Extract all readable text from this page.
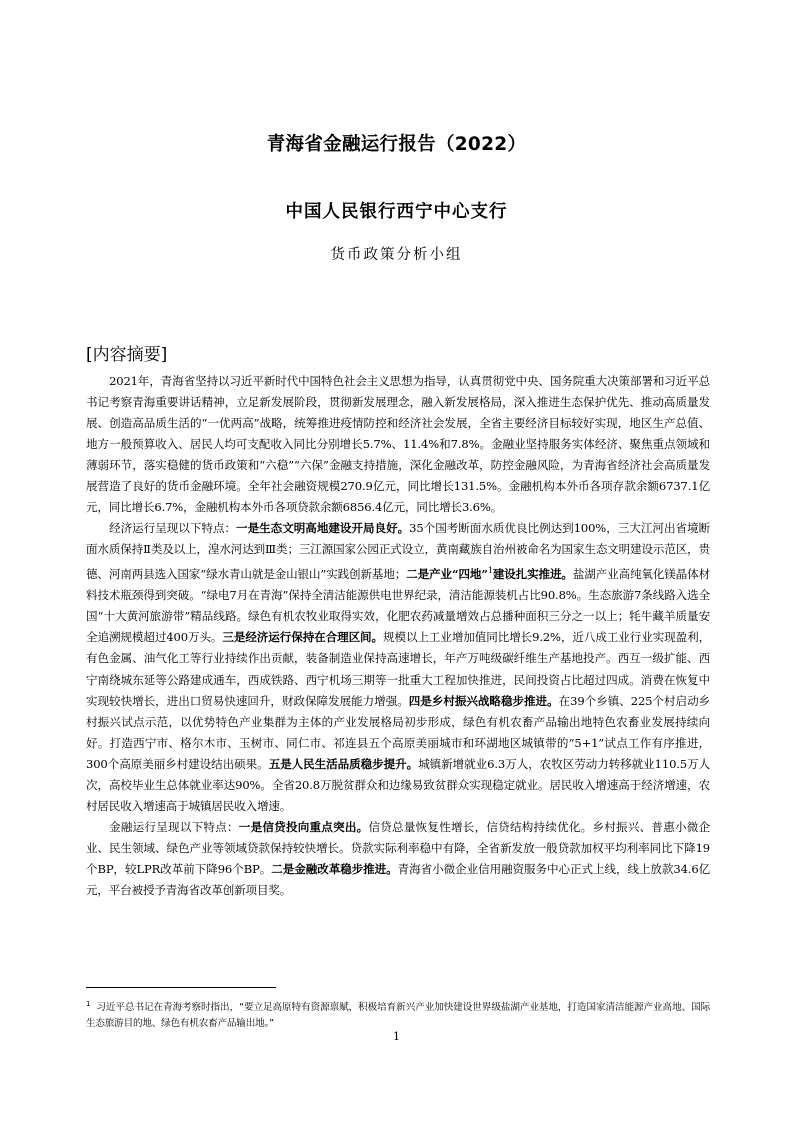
青海省金融运行报告（2022）
中国人民银行西宁中心支行
货币政策分析小组
[内容摘要]

2021年，青海省坚持以习近平新时代中国特色社会主义思想为指导，认真贯彻党中央、国务院重大决策部署和习近平总书记考察青海重要讲话精神，立足新发展阶段，贯彻新发展理念，融入新发展格局，深入推进生态保护优先、推动高质量发展、创造高品质生活的“一优两高”战略，统筹推进疫情防控和经济社会发展，全省主要经济目标较好实现，地区生产总值、地方一般预算收入、居民人均可支配收入同比分别增长5.7%、11.4%和7.8%。金融业坚持服务实体经济、聚焦重点领域和薄弱环节，落实稳健的货币政策和“六稳”“六保”金融支持措施，深化金融改革，防控金融风险，为青海省经济社会高质量发展营造了良好的货币金融环境。全年社会融资规模270.9亿元，同比增长131.5%。金融机构本外币各项存款余额6737.1亿元，同比增长6.7%，金融机构本外币各项贷款余额6856.4亿元，同比增长3.6%。

经济运行呈现以下特点：一是生态文明高地建设开局良好。35个国考断面水质优良比例达到100%，三大江河出省境断面水质保持Ⅱ类及以上，湟水河达到Ⅲ类；三江源国家公园正式设立，黄南藏族自治州被命名为国家生态文明建设示范区，贵德、河南两县选入国家“绿水青山就是金山银山”实践创新基地；二是产业“四地”$^1$建设扎实推进。盐湖产业高纯氧化镁晶体材料技术瓶颈得到突破。“绿电7月在青海”保持全清洁能源供电世界纪录，清洁能源装机占比90.8%。生态旅游7条线路入选全国“十大黄河旅游带”精品线路。绿色有机农牧业取得实效，化肥农药减量增效占总播种面积三分之一以上；牦牛藏羊质量安全追溯规模超过400万头。三是经济运行保持在合理区间。规模以上工业增加值同比增长9.2%，近八成工业行业实现盈利，有色金属、油气化工等行业持续作出贡献，装备制造业保持高速增长，年产万吨级碳纤维生产基地投产。西互一级扩能、西宁南绕城东延等公路建成通车，西成铁路、西宁机场三期等一批重大工程加快推进，民间投资占比超过四成。消费在恢复中实现较快增长，进出口贸易快速回升，财政保障发展能力增强。四是乡村振兴战略稳步推进。在39个乡镇、225个村启动乡村振兴试点示范，以优势特色产业集群为主体的产业发展格局初步形成，绿色有机农畜产品输出地特色农畜业发展持续向好。打造西宁市、格尔木市、玉树市、同仁市、祁连县五个高原美丽城市和环湖地区城镇带的“5+1”试点工作有序推进，300个高原美丽乡村建设结出硕果。五是人民生活品质稳步提升。城镇新增就业6.3万人，农牧区劳动力转移就业110.5万人次，高校毕业生总体就业率达90%。全省20.8万脱贫群众和边缘易致贫群众实现稳定就业。居民收入增速高于经济增速，农村居民收入增速高于城镇居民收入增速。

金融运行呈现以下特点：一是信贷投向重点突出。信贷总量恢复性增长，信贷结构持续优化。乡村振兴、普惠小微企业、民生领域、绿色产业等领域贷款保持较快增长。贷款实际利率稳中有降，全省新发放一般贷款加权平均利率同比下降19个BP，较LPR改革前下降96个BP。二是金融改革稳步推进。青海省小微企业信用融资服务中心正式上线，线上放款34.6亿元，平台被授予青海省改革创新项目奖。

$^1$ 习近平总书记在青海考察时指出，“要立足高原特有资源禀赋，积极培育新兴产业加快建设世界级盐湖产业基地，打造国家清洁能源产业高地、国际生态旅游目的地、绿色有机农畜产品输出地。”
1
